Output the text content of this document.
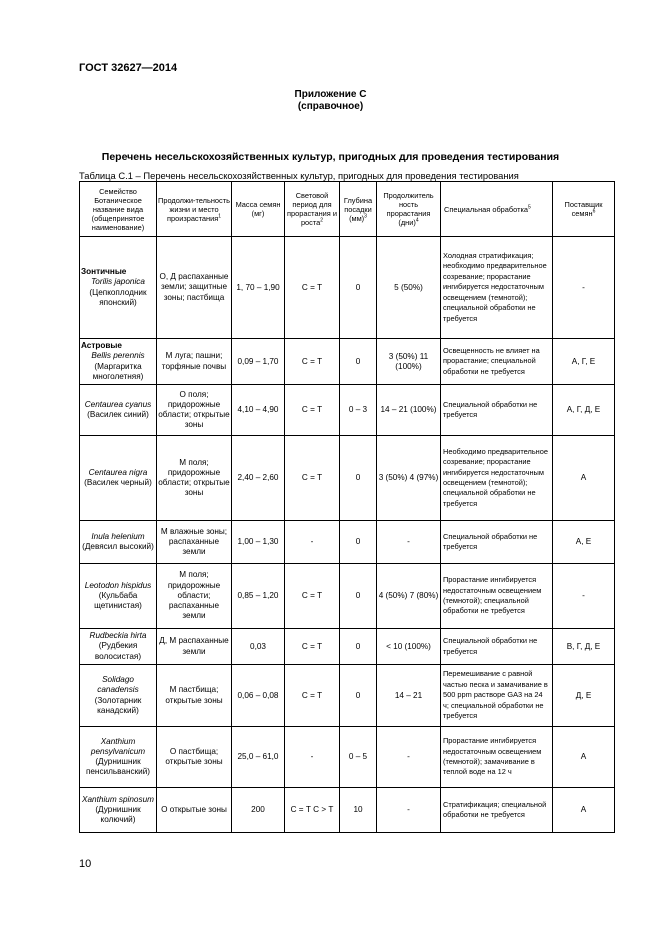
ГОСТ 32627—2014
Приложение С
(справочное)
Перечень несельскохозяйственных культур, пригодных для проведения тестирования
Таблица С.1 – Перечень несельскохозяйственных культур, пригодных для проведения тестирования
Семейство Ботаническое название вида (общепринятое наименование)	Продолжи-тельность жизни и место произрастания$^1$	Масса семян (мг)	Световой период для прорастания и роста$^2$	Глубина посадки (мм)$^3$	Продолжитель ность прорастания (дни)$^4$	Специальная обработка$^5$	Поставщик семян$^6$

Зонтичные
Torilis japonica
(Цепкоплодник японский)	О, Д распаханные земли; защитные зоны; пастбища	1, 70 – 1,90	С = Т	0	5 (50%)	Холодная стратификация; необходимо предварительное созревание; прорастание ингибируется недостаточным освещением (темнотой); специальной обработки не требуется	-

Астровые
Bellis perennis
(Маргаритка многолетняя)	М луга; пашни; торфяные почвы	0,09 – 1,70	С = Т	0	3 (50%) 11 (100%)	Освещенность не влияет на прорастание; специальной обработки не требуется	А, Г, Е

Centaurea cyanus
(Василек синий)	О поля; придорожные области; открытые зоны	4,10 – 4,90	С = Т	0 – 3	14 – 21 (100%)	Специальной обработки не требуется	А, Г, Д, Е

Centaurea nigra
(Василек черный)	М поля; придорожные области; открытые зоны	2,40 – 2,60	С = Т	0	3 (50%) 4 (97%)	Необходимо предварительное созревание; прорастание ингибируется недостаточным освещением (темнотой); специальной обработки не требуется	А

Inula helenium
(Девясил высокий)	М влажные зоны; распаханные земли	1,00 – 1,30	-	0	-	Специальной обработки не требуется	А, Е

Leotodon hispidus
(Кульбаба щетинистая)	М поля; придорожные области; распаханные земли	0,85 – 1,20	С = Т	0	4 (50%) 7 (80%)	Прорастание ингибируется недостаточным освещением (темнотой); специальной обработки не требуется	-

Rudbeckia hirta
(Рудбекия волосистая)	Д, М распаханные земли	0,03	С = Т	0	< 10 (100%)	Специальной обработки не требуется	В, Г, Д, Е

Solidago canadensis
(Золотарник канадский)	М пастбища; открытые зоны	0,06 – 0,08	С = Т	0	14 – 21	Перемешивание с равной частью песка и замачивание в 500 ppm растворе GA3 на 24 ч; специальной обработки не требуется	Д, Е

Xanthium pensylvanicum
(Дурнишник пенсильванский)	О пастбища; открытые зоны	25,0 – 61,0	-	0 – 5	-	Прорастание ингибируется недостаточным освещением (темнотой); замачивание в теплой воде на 12 ч	А

Xanthium spinosum
(Дурнишник колючий)	О открытые зоны	200	С = Т С > Т	10	-	Стратификация; специальной обработки не требуется	А
10
